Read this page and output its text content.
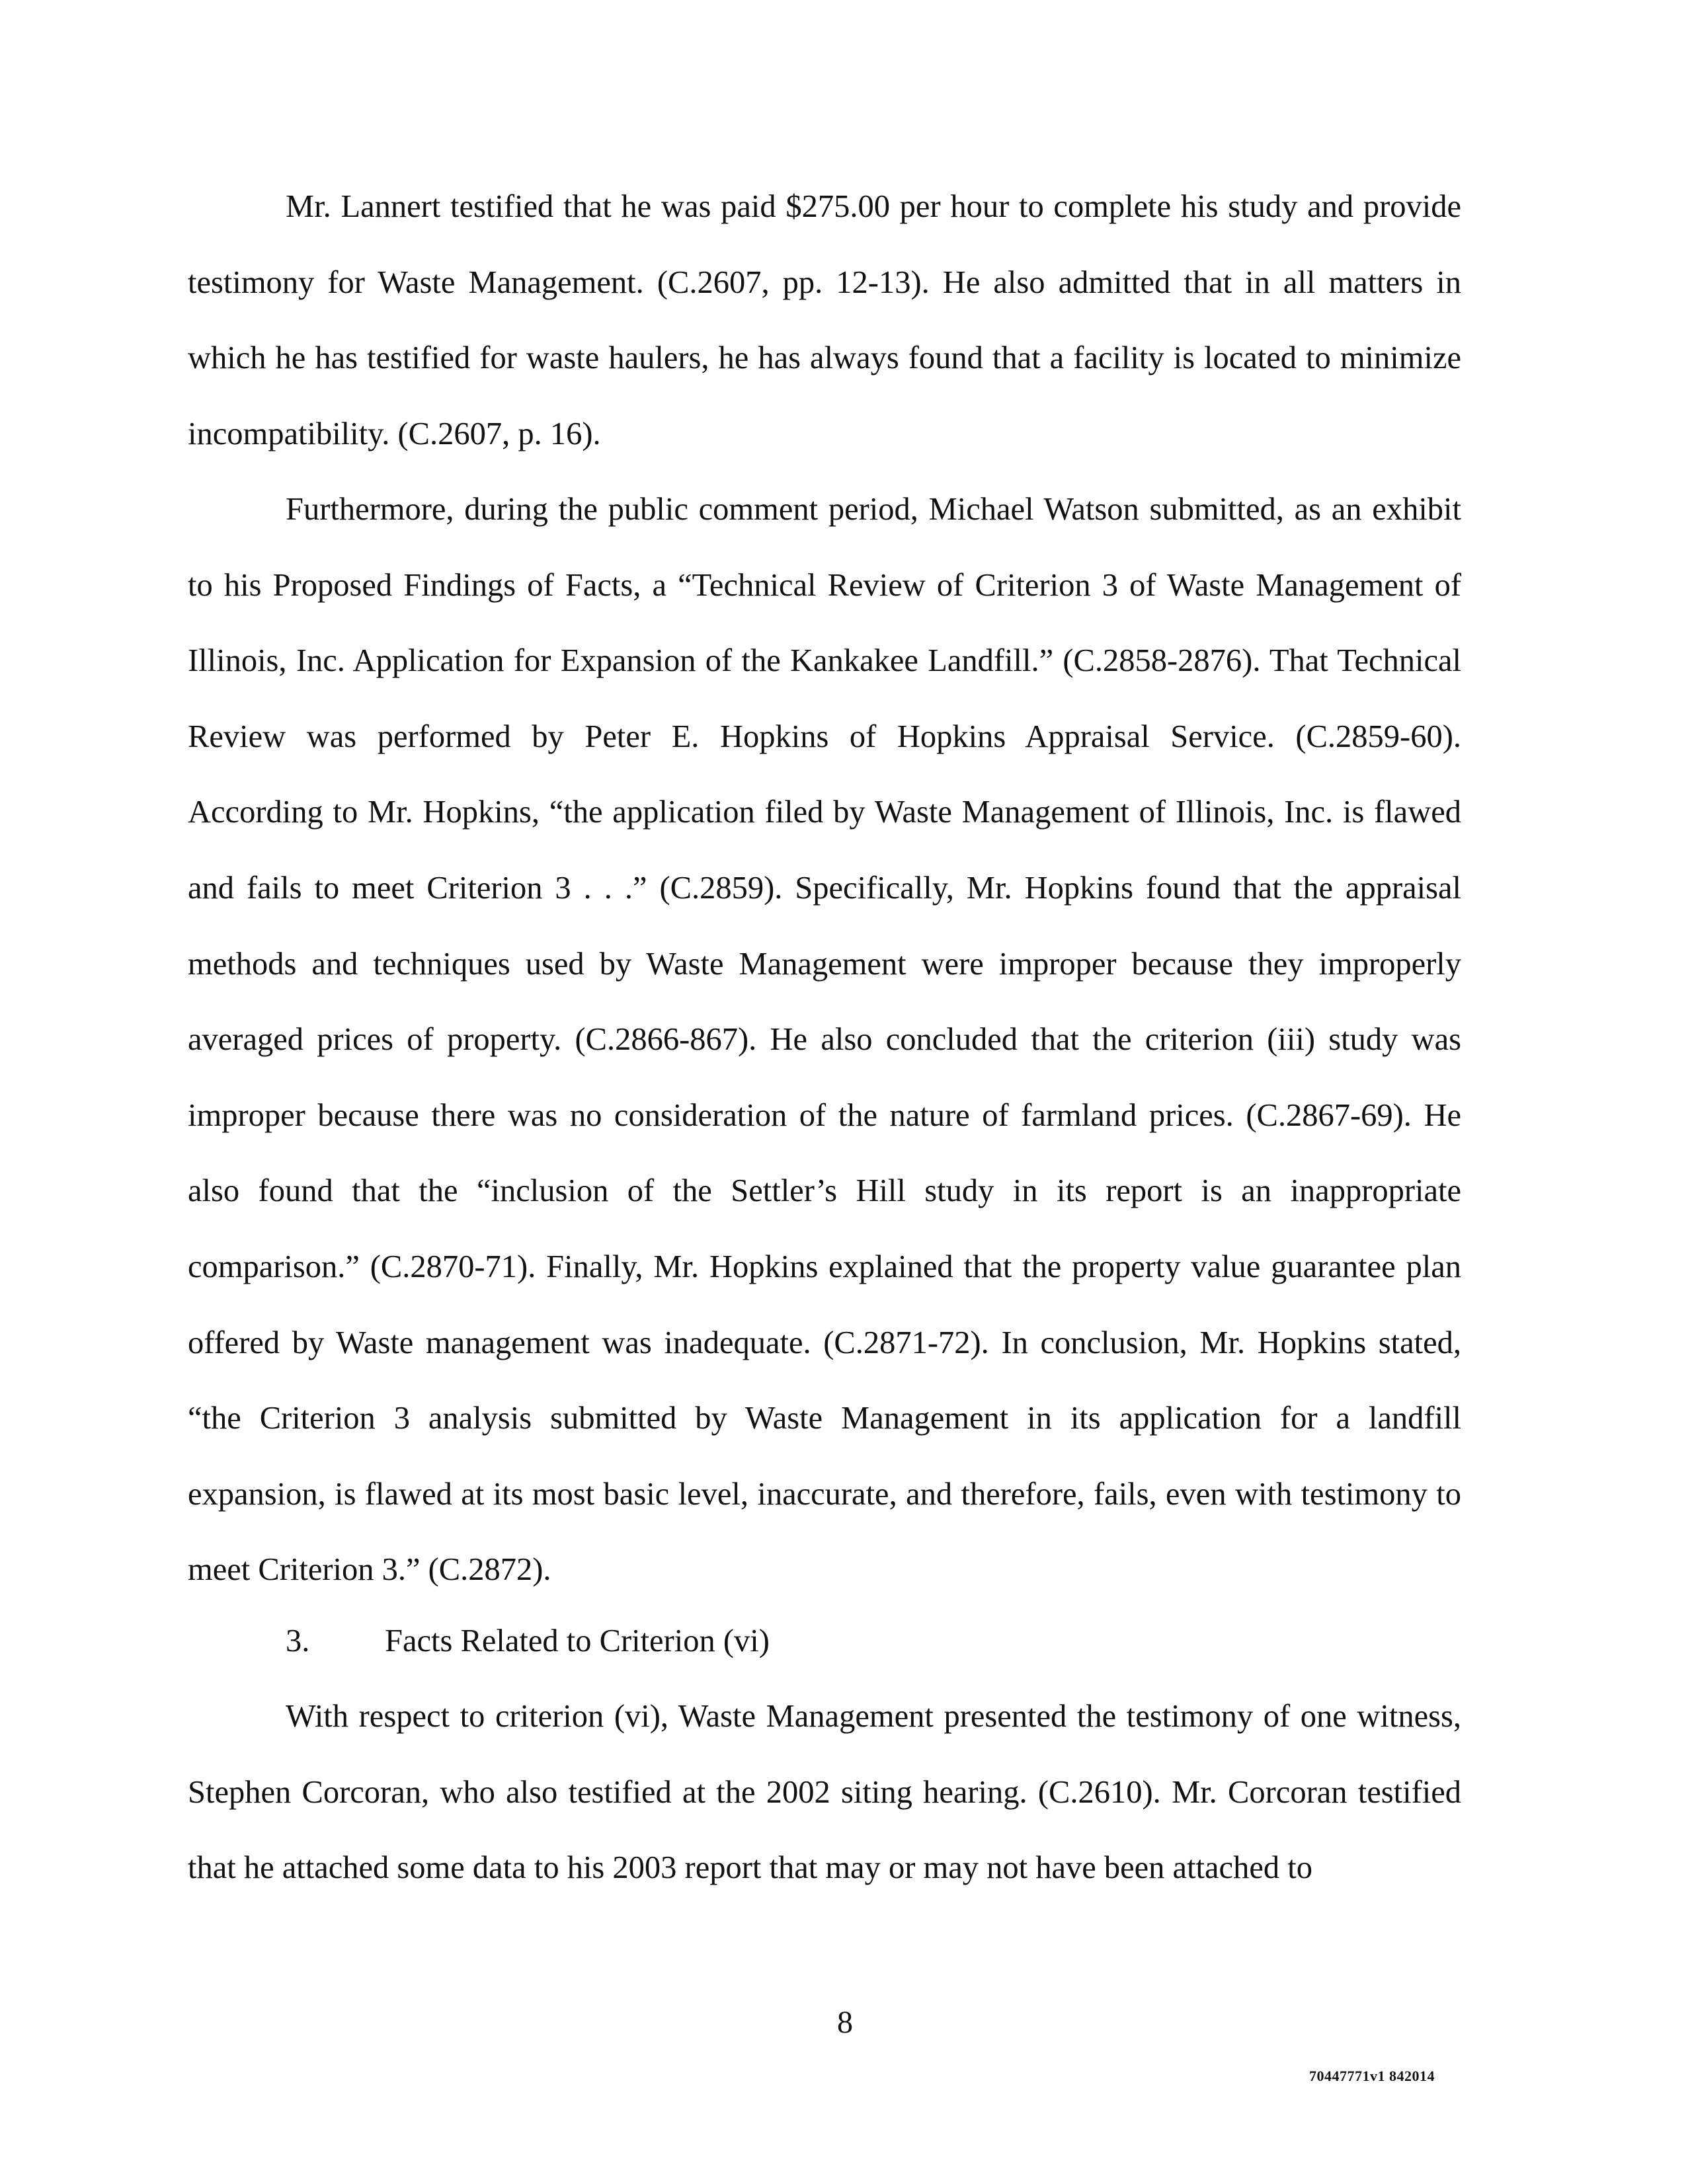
Mr. Lannert testified that he was paid $275.00 per hour to complete his study and provide testimony for Waste Management. (C.2607, pp. 12-13). He also admitted that in all matters in which he has testified for waste haulers, he has always found that a facility is located to minimize incompatibility. (C.2607, p. 16).

Furthermore, during the public comment period, Michael Watson submitted, as an exhibit to his Proposed Findings of Facts, a “Technical Review of Criterion 3 of Waste Management of Illinois, Inc. Application for Expansion of the Kankakee Landfill.” (C.2858-2876). That Technical Review was performed by Peter E. Hopkins of Hopkins Appraisal Service. (C.2859-60). According to Mr. Hopkins, “the application filed by Waste Management of Illinois, Inc. is flawed and fails to meet Criterion 3 . . .” (C.2859). Specifically, Mr. Hopkins found that the appraisal methods and techniques used by Waste Management were improper because they improperly averaged prices of property. (C.2866-867). He also concluded that the criterion (iii) study was improper because there was no consideration of the nature of farmland prices. (C.2867-69). He also found that the “inclusion of the Settler’s Hill study in its report is an inappropriate comparison.” (C.2870-71). Finally, Mr. Hopkins explained that the property value guarantee plan offered by Waste management was inadequate. (C.2871-72). In conclusion, Mr. Hopkins stated, “the Criterion 3 analysis submitted by Waste Management in its application for a landfill expansion, is flawed at its most basic level, inaccurate, and therefore, fails, even with testimony to meet Criterion 3.” (C.2872).

3. Facts Related to Criterion (vi)

With respect to criterion (vi), Waste Management presented the testimony of one witness, Stephen Corcoran, who also testified at the 2002 siting hearing. (C.2610). Mr. Corcoran testified that he attached some data to his 2003 report that may or may not have been attached to

8
70447771v1 842014
